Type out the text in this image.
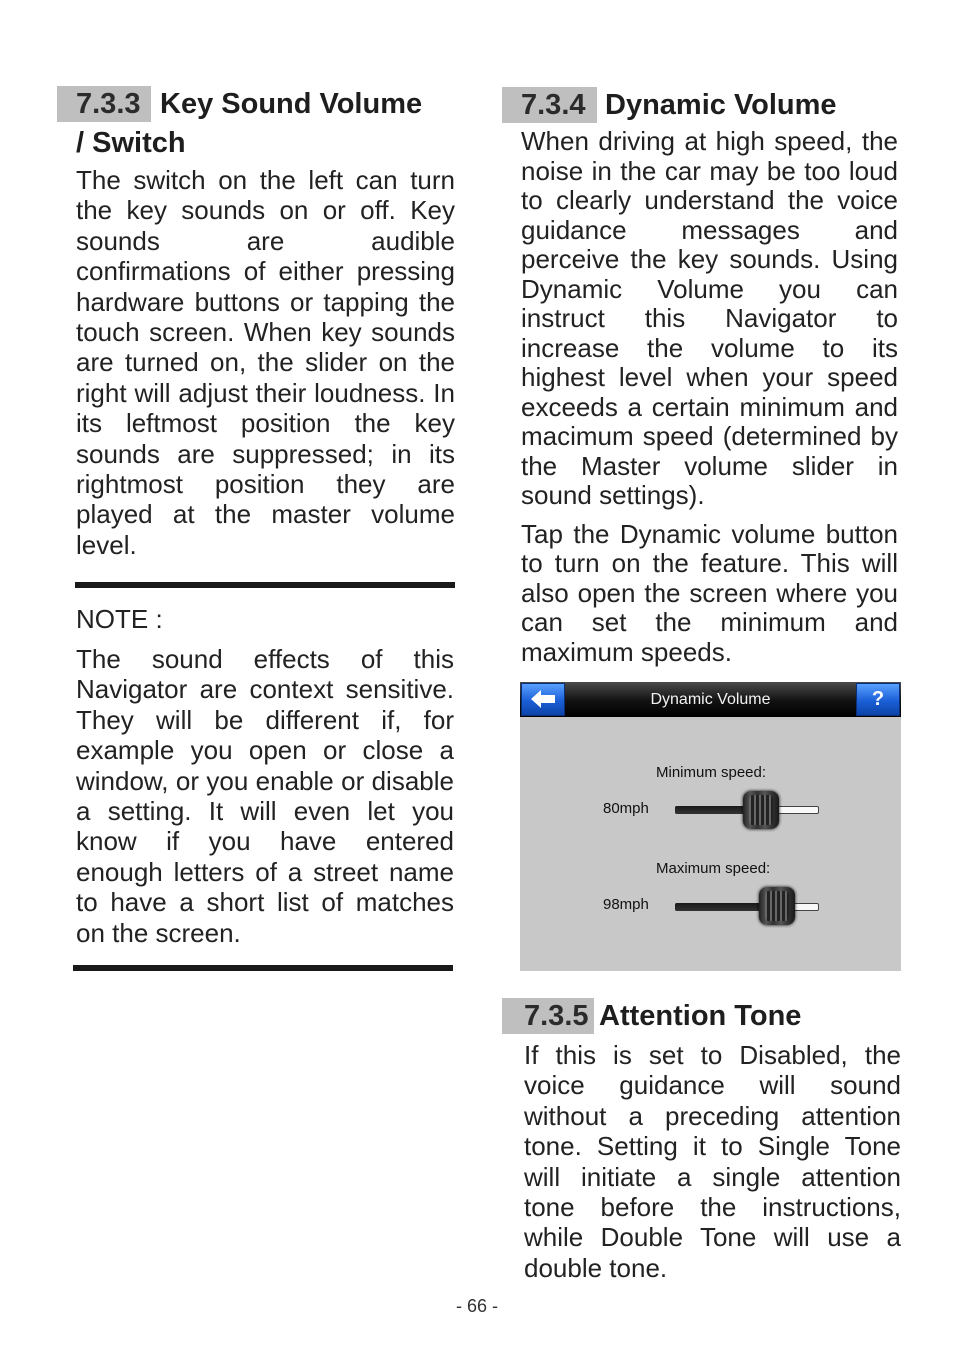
7.3.3 Key Sound Volume
/ Switch

The switch on the left can turn the key sounds on or off. Key sounds are audible confirmations of either pressing hardware buttons or tapping the touch screen. When key sounds are turned on, the slider on the right will adjust their loudness. In its leftmost position the key sounds are suppressed; in its rightmost position they are played at the master volume level.

NOTE :

The sound effects of this Navigator are context sensitive. They will be different if, for example you open or close a window, or you enable or disable a setting. It will even let you know if you have entered enough letters of a street name to have a short list of matches on the screen.

7.3.4 Dynamic Volume

When driving at high speed, the noise in the car may be too loud to clearly understand the voice guidance messages and perceive the key sounds. Using Dynamic Volume you can instruct this Navigator to increase the volume to its highest level when your speed exceeds a certain minimum and macimum speed (determined by the Master volume slider in sound settings).

Tap the Dynamic volume button to turn on the feature. This will also open the screen where you can set the minimum and maximum speeds.

Dynamic Volume	?
Minimum speed:
80mph
Maximum speed:
98mph
7.3.5 Attention Tone

If this is set to Disabled, the voice guidance will sound without a preceding attention tone. Setting it to Single Tone will initiate a single attention tone before the instructions, while Double Tone will use a double tone.

- 66 -
